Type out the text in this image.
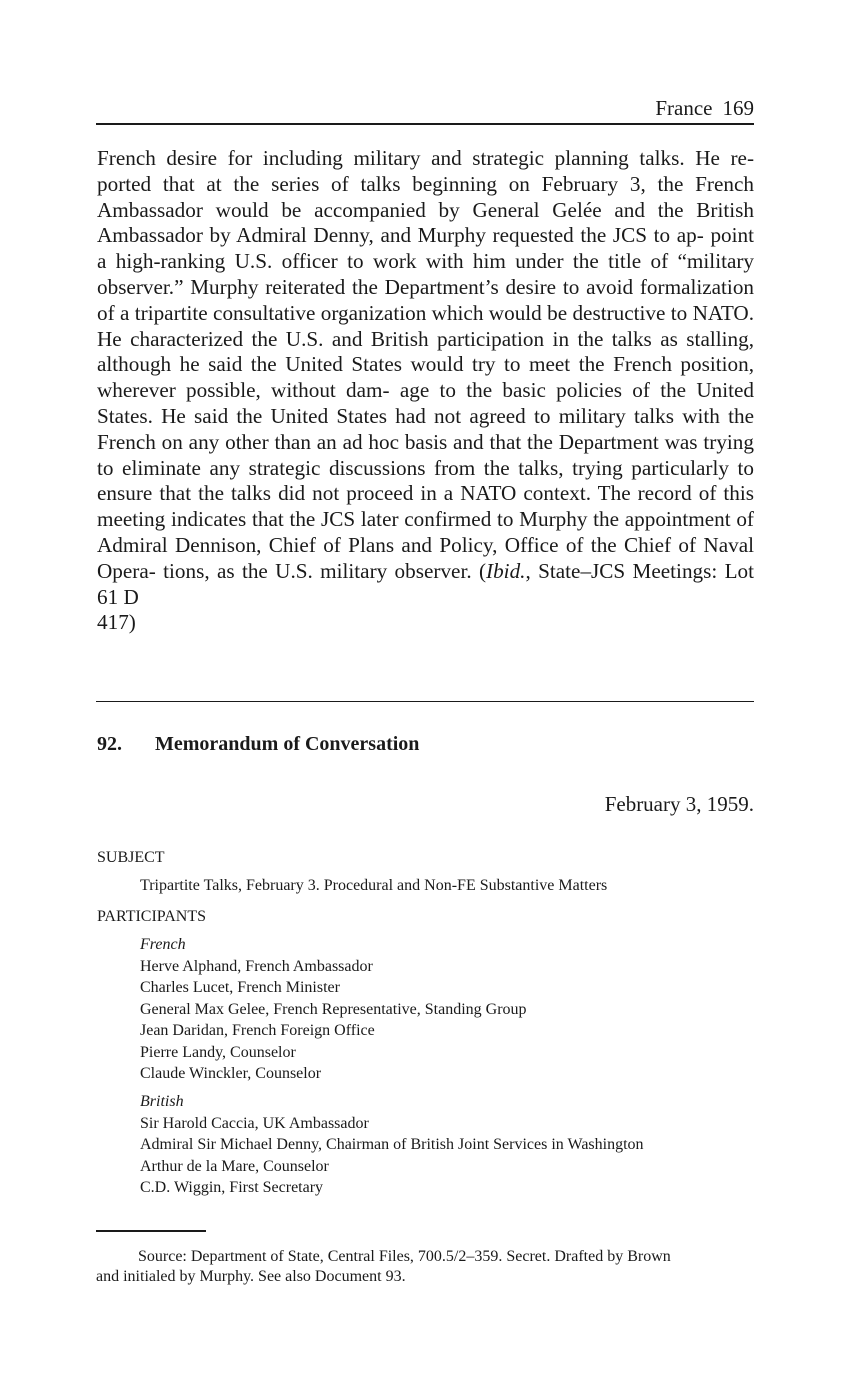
France 169

French desire for including military and strategic planning talks. He re- ported that at the series of talks beginning on February 3, the French Ambassador would be accompanied by General Gelée and the British Ambassador by Admiral Denny, and Murphy requested the JCS to ap- point a high-ranking U.S. officer to work with him under the title of “military observer.” Murphy reiterated the Department’s desire to avoid formalization of a tripartite consultative organization which would be destructive to NATO. He characterized the U.S. and British participation in the talks as stalling, although he said the United States would try to meet the French position, wherever possible, without dam- age to the basic policies of the United States. He said the United States had not agreed to military talks with the French on any other than an ad hoc basis and that the Department was trying to eliminate any strategic discussions from the talks, trying particularly to ensure that the talks did not proceed in a NATO context. The record of this meeting indicates that the JCS later confirmed to Murphy the appointment of Admiral Dennison, Chief of Plans and Policy, Office of the Chief of Naval Opera- tions, as the U.S. military observer. (Ibid., State–JCS Meetings: Lot 61 D
417)

92. Memorandum of Conversation
February 3, 1959.
SUBJECT
Tripartite Talks, February 3. Procedural and Non-FE Substantive Matters
PARTICIPANTS
French
Herve Alphand, French Ambassador
Charles Lucet, French Minister
General Max Gelee, French Representative, Standing Group
Jean Daridan, French Foreign Office
Pierre Landy, Counselor
Claude Winckler, Counselor
British
Sir Harold Caccia, UK Ambassador
Admiral Sir Michael Denny, Chairman of British Joint Services in Washington
Arthur de la Mare, Counselor
C.D. Wiggin, First Secretary
Source: Department of State, Central Files, 700.5/2–359. Secret. Drafted by Brown
and initialed by Murphy. See also Document 93.
